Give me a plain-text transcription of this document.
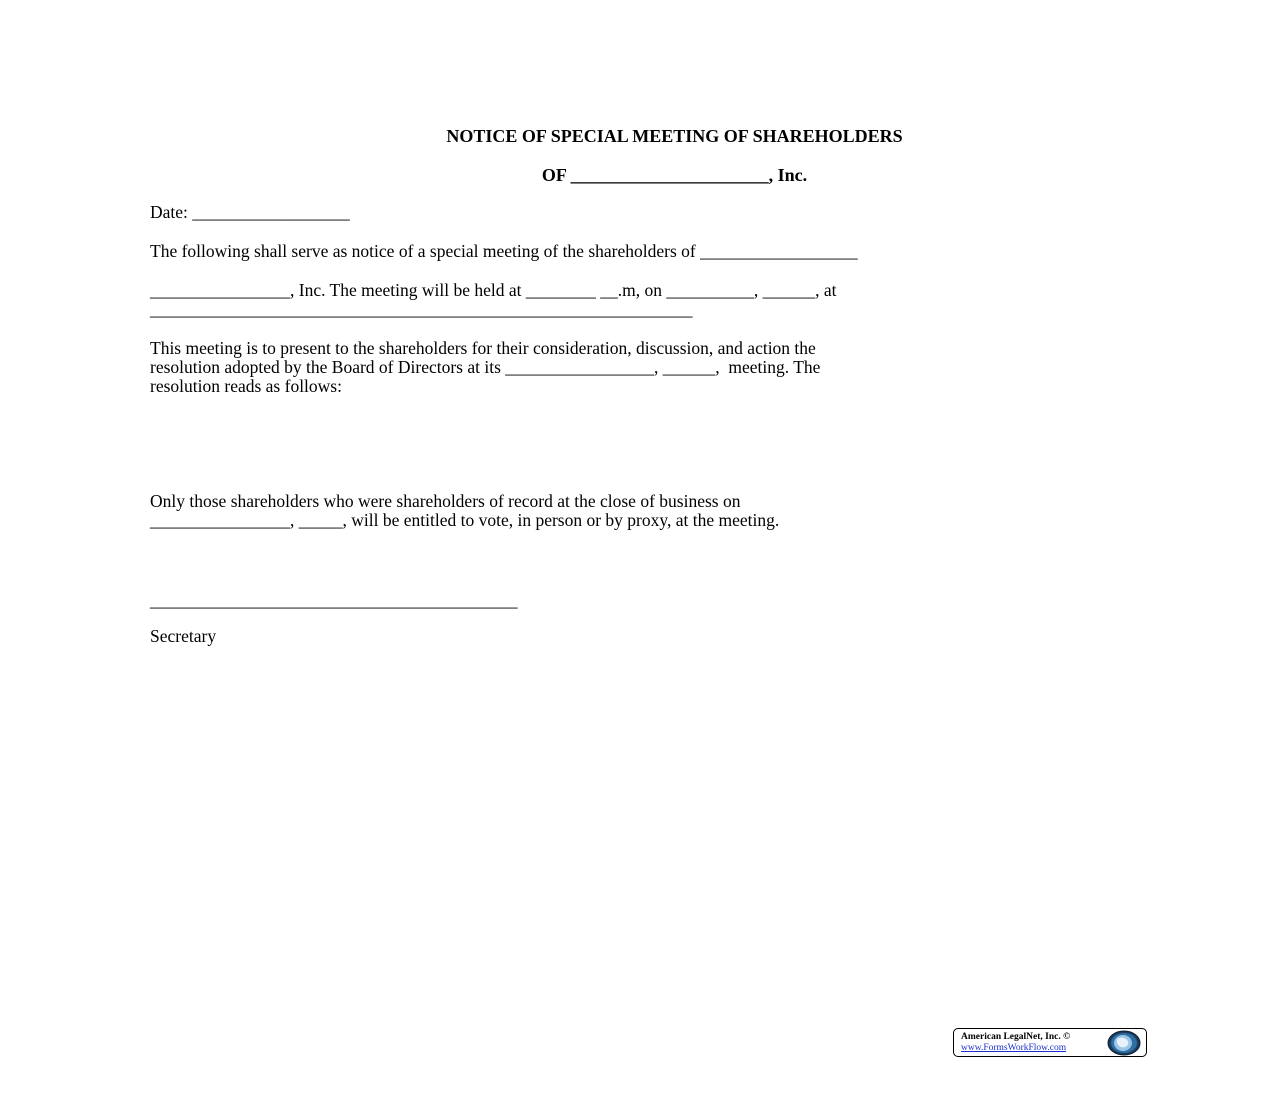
NOTICE OF SPECIAL MEETING OF SHAREHOLDERS

OF ______________________, Inc.

Date: __________________

The following shall serve as notice of a special meeting of the shareholders of __________________

________________, Inc. The meeting will be held at ________ __.m, on __________, ______, at

______________________________________________________________

This meeting is to present to the shareholders for their consideration, discussion, and action the

resolution adopted by the Board of Directors at its _________________, ______,  meeting. The

resolution reads as follows:

Only those shareholders who were shareholders of record at the close of business on

________________, _____, will be entitled to vote, in person or by proxy, at the meeting.

__________________________________________

Secretary

American LegalNet, Inc. ©
www.FormsWorkFlow.com
